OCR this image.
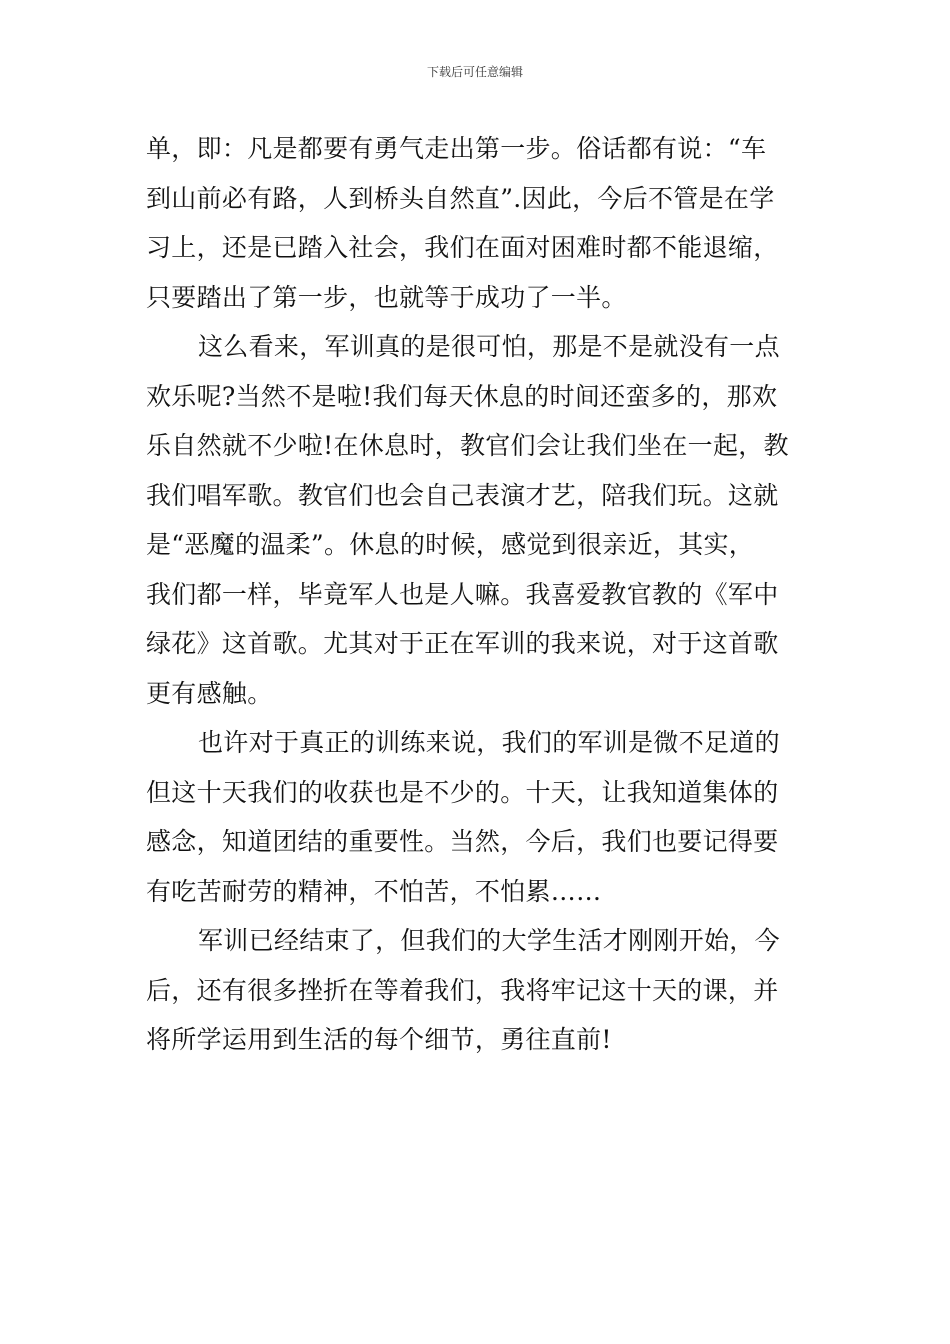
下载后可任意编辑
单，即：凡是都要有勇气走出第一步。俗话都有说：“车
到山前必有路，人到桥头自然直”.因此，今后不管是在学
习上，还是已踏入社会，我们在面对困难时都不能退缩，
只要踏出了第一步，也就等于成功了一半。
这么看来，军训真的是很可怕，那是不是就没有一点
欢乐呢?当然不是啦!我们每天休息的时间还蛮多的，那欢
乐自然就不少啦!在休息时，教官们会让我们坐在一起，教
我们唱军歌。教官们也会自己表演才艺，陪我们玩。这就
是“恶魔的温柔”。休息的时候，感觉到很亲近，其实，
我们都一样，毕竟军人也是人嘛。我喜爱教官教的《军中
绿花》这首歌。尤其对于正在军训的我来说，对于这首歌
更有感触。
也许对于真正的训练来说，我们的军训是微不足道的
但这十天我们的收获也是不少的。十天，让我知道集体的
感念，知道团结的重要性。当然，今后，我们也要记得要
有吃苦耐劳的精神，不怕苦，不怕累……
军训已经结束了，但我们的大学生活才刚刚开始，今
后，还有很多挫折在等着我们，我将牢记这十天的课，并
将所学运用到生活的每个细节，勇往直前!
